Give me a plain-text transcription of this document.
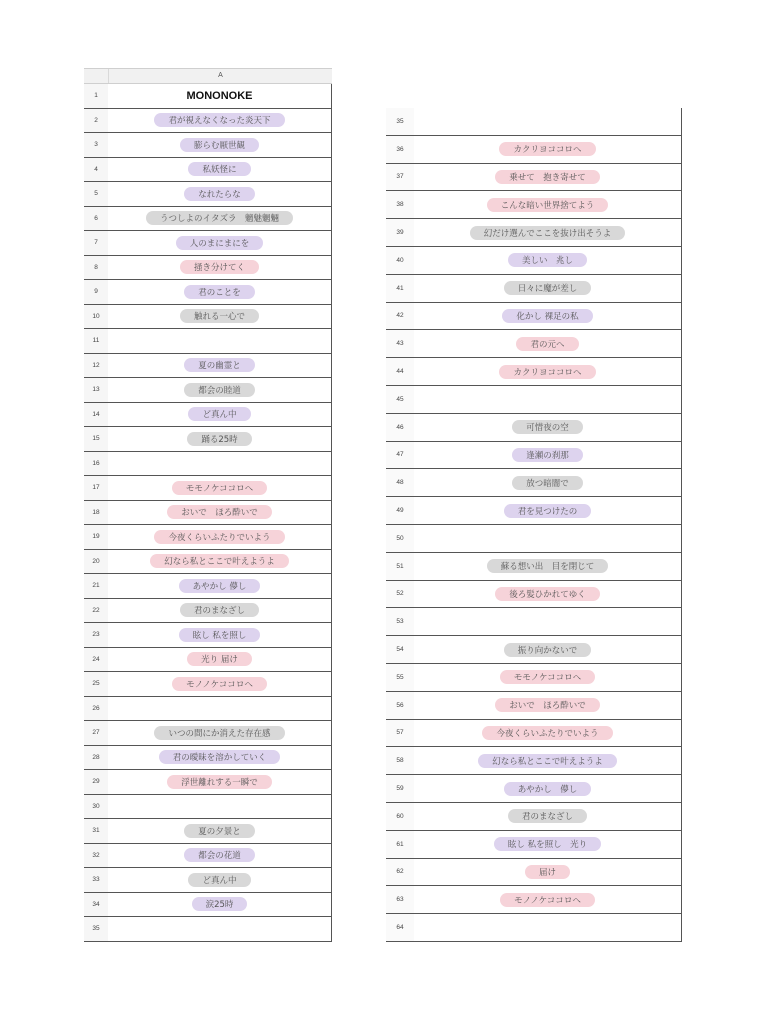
A
1	MONONOKE
2	君が視えなくなった炎天下
3	膨らむ厭世観
4	私妖怪に
5	なれたらな
6	うつしよのイタズラ　魑魅魍魎
7	人のまにまにを
8	掻き分けてく
9	君のことを
10	触れる一心で
11
12	夏の幽霊と
13	都会の睦道
14	ど真ん中
15	踊る25時
16
17	モモノケココロへ
18	おいで　ほろ酔いで
19	今夜くらいふたりでいよう
20	幻なら私とここで叶えようよ
21	あやかし 儚し
22	君のまなざし
23	眩し 私を照し
24	光り 届け
25	モノノケココロへ
26
27	いつの間にか消えた存在感
28	君の曖昧を溶かしていく
29	浮世離れする一瞬で
30
31	夏の夕景と
32	都会の花道
33	ど真ん中
34	涙25時
35
35
36	カクリヨココロへ
37	乗せて　抱き寄せて
38	こんな暗い世界捨てよう
39	幻だけ選んでここを抜け出そうよ
40	美しい　兆し
41	日々に魔が差し
42	化かし 裸足の私
43	君の元へ
44	カクリヨココロへ
45
46	可惜夜の空
47	逢瀬の刹那
48	放つ暗闇で
49	君を見つけたの
50
51	蘇る想い出　目を閉じて
52	後ろ髪ひかれてゆく
53
54	振り向かないで
55	モモノケココロへ
56	おいで　ほろ酔いで
57	今夜くらいふたりでいよう
58	幻なら私とここで叶えようよ
59	あやかし　儚し
60	君のまなざし
61	眩し 私を照し　光り
62	届け
63	モノノケココロへ
64
